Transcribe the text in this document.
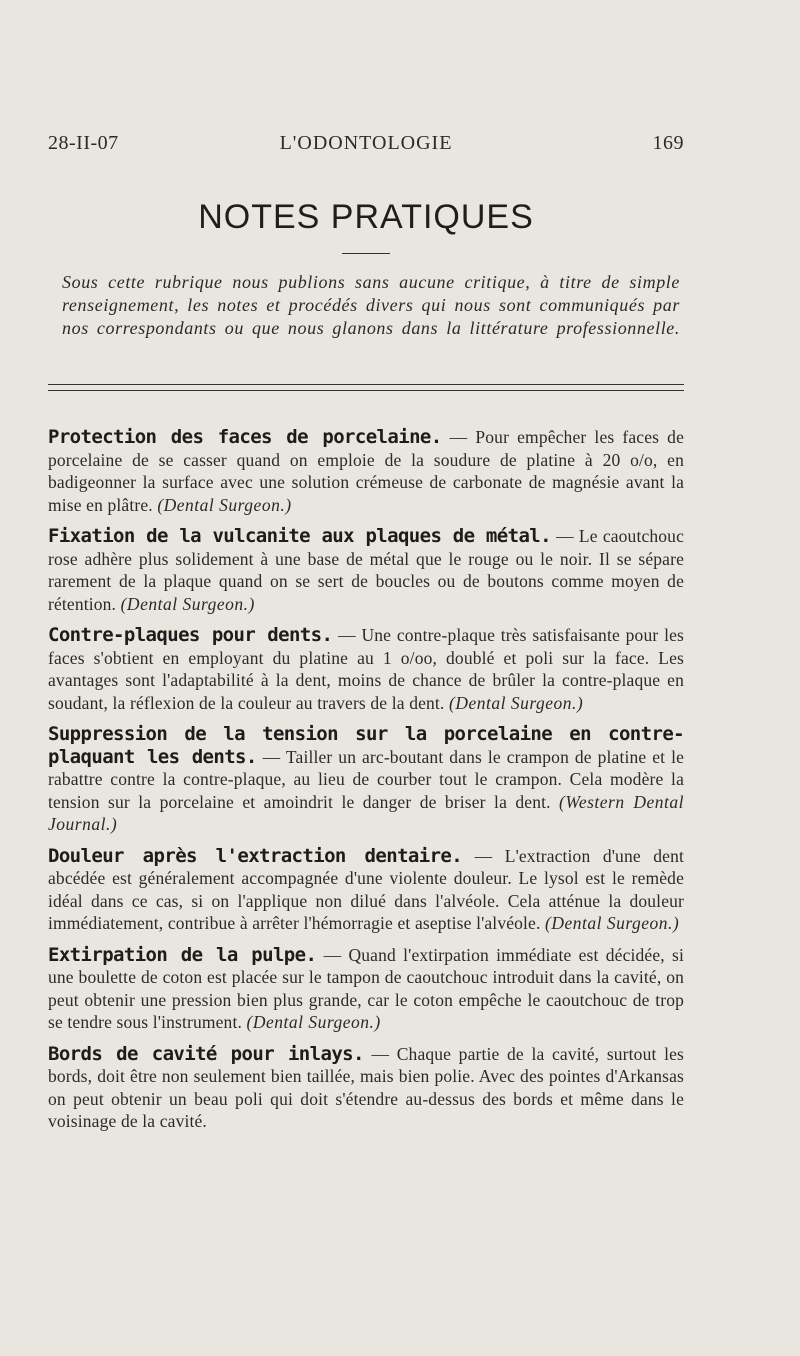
28-II-07	L'ODONTOLOGIE	169
NOTES PRATIQUES
Sous cette rubrique nous publions sans aucune critique, à titre de simple renseignement, les notes et procédés divers qui nous sont communiqués par nos correspondants ou que nous glanons dans la littérature professionnelle.

Protection des faces de porcelaine. — Pour empêcher les faces de porcelaine de se casser quand on emploie de la soudure de platine à 20 o/o, en badigeonner la surface avec une solution crémeuse de carbonate de magnésie avant la mise en plâtre. (Dental Surgeon.)

Fixation de la vulcanite aux plaques de métal. — Le caoutchouc rose adhère plus solidement à une base de métal que le rouge ou le noir. Il se sépare rarement de la plaque quand on se sert de boucles ou de boutons comme moyen de rétention. (Dental Surgeon.)

Contre-plaques pour dents. — Une contre-plaque très satisfaisante pour les faces s'obtient en employant du platine au 1 o/oo, doublé et poli sur la face. Les avantages sont l'adaptabilité à la dent, moins de chance de brûler la contre-plaque en soudant, la réflexion de la couleur au travers de la dent. (Dental Surgeon.)

Suppression de la tension sur la porcelaine en contre-plaquant les dents. — Tailler un arc-boutant dans le crampon de platine et le rabattre contre la contre-plaque, au lieu de courber tout le crampon. Cela modère la tension sur la porcelaine et amoindrit le danger de briser la dent. (Western Dental Journal.)

Douleur après l'extraction dentaire. — L'extraction d'une dent abcédée est généralement accompagnée d'une violente douleur. Le lysol est le remède idéal dans ce cas, si on l'applique non dilué dans l'alvéole. Cela atténue la douleur immédiatement, contribue à arrêter l'hémorragie et aseptise l'alvéole. (Dental Surgeon.)

Extirpation de la pulpe. — Quand l'extirpation immédiate est décidée, si une boulette de coton est placée sur le tampon de caoutchouc introduit dans la cavité, on peut obtenir une pression bien plus grande, car le coton empêche le caoutchouc de trop se tendre sous l'instrument. (Dental Surgeon.)

Bords de cavité pour inlays. — Chaque partie de la cavité, surtout les bords, doit être non seulement bien taillée, mais bien polie. Avec des pointes d'Arkansas on peut obtenir un beau poli qui doit s'étendre au-dessus des bords et même dans le voisinage de la cavité.
